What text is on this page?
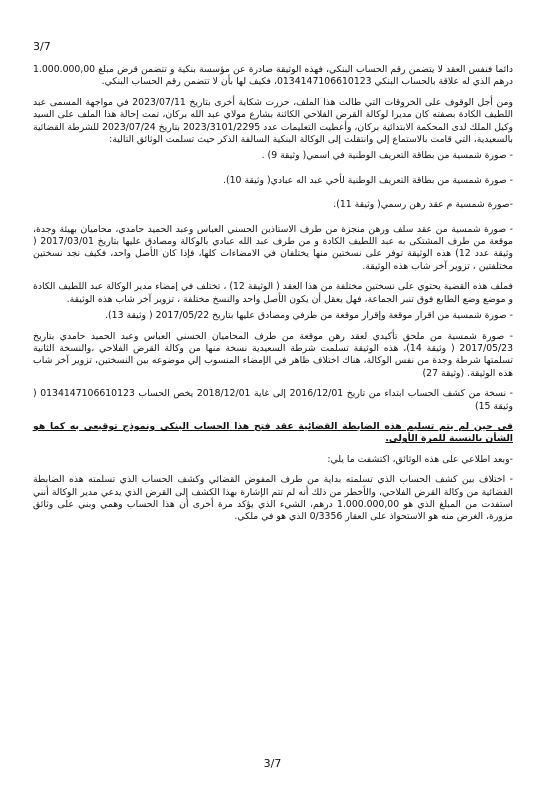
3/7

دائما فنفس العقد لا يتضمن رقم الحساب البنكي، فهذه الوثيقة صادرة عن مؤسسة بنكية و تتضمن قرض مبلغ 1.000.000,00 درهم الذي له علاقة بالحساب البنكي 013414710661012‪3‬، فكيف لها بأن لا تتضمن رقم الحساب البنكي.

ومن أجل الوقوف على الخروقات التي طالت هذا الملف، حررت شكاية أخرى بتاريخ 2023/07/11 في مواجهة المسمى عبد اللطيف الكادة بصفته كان مديرا لوكالة القرض الفلاحي الكائنة بشارع مولاي عبد الله بركان، تمت إحالة هذا الملف على السيد وكيل الملك لدى المحكمة الابتدائية بركان، وأعطيت التعليمات عدد 2023/3101/2295 بتاريخ 2023/07/24 للشرطة القضائية بالسعيدية، التي قامت بالاستماع إلي وانتقلت إلى الوكالة البنكية السالفة الذكر حيث تسلمت الوثائق التالية:

- صورة شمسية من بطاقة التعريف الوطنية في اسمي( وثيقة 9) .

- صورة شمسية من بطاقة التعريف الوطنية لأخي عبد اله عبادي( وثيقة 10).

-صورة شمسية م عقد رهن رسمي( وثيقة 11).

- صورة شمسية من عقد سلف ورهن منجزة من طرف الاستاذين الحسني العباس وعبد الحميد حامدي، محاميان بهيئة وجدة، موقعة من طرف المشتكى به عبد اللطيف الكادة و من طرف عبد الله عبادي بالوكالة ومصادق عليها بتاريخ 2017/03/01 ( وثيقة عدد 12) هذه الوثيقة توفر على نسختين منها يختلفان في الامضاءات كلها، فإذا كان الأصل واحد، فكيف نجد نسختين مختلفتين ، تزوير آخر شاب هذه الوثيقة.

فملف هذه القضية يحتوي على نسختين مختلفة من هذا العقد ( الوثيقة 12) ، تختلف في إمضاء مدير الوكالة عبد اللطيف الكادة و موضع وضع الطابع فوق تنبر الجماعة، فهل يعقل أن يكون الأصل واحد والنسخ مختلفة ، تزوير آخر شاب هذه الوثيقة.

- صورة شمسية من اقرار موقعة وإقرار موقعة من طرفي ومصادق عليها بتاريخ 2017/05/22 ( وثيقة 13).

- صورة شمسية من ملحق تأكيدي لعقد رهن موقعة من طرف المحاميان الحسني العباس وعبد الحميد حامدي بتاريخ 2017/05/23 ( وثيقة 14)، هذه الوثيقة تسلمت شرطة السعيدية نسخة منها من وكالة القرض الفلاحي ،والنسخة الثانية تسلمتها شرطة وجدة من نفس الوكالة، هناك اختلاف ظاهر في الإمضاء المنسوب إلي موضوعه بين النسختين، تزوير آخر شاب هذه الوثيقة. (وثيقة 27)

- نسخة من كشف الحساب ابتداء من تاريخ 2016/12/01 إلى غاية 2018/12/01 يخص الحساب 0134147106610123 ( وثيقة 15)

في حين لم يتم تسليم هذه الضابطة القضائية عقد فتح هذا الحساب البنكي ونموذج توقيعي به كما هو الشأن بالنسبة للمرة الأولى.

-وبعد اطلاعي على هذه الوثائق، اكتشفت ما يلي:

- اختلاف بين كشف الحساب الذي تسلمته بداية من طرف المفوض القضائي وكشف الحساب الذي تسلمته هذه الضابطة القضائية من وكالة القرض الفلاحي، والأخطر من ذلك أنه لم تتم الإشارة بهذا الكشف إلى القرض الذي يدعي مدير الوكالة أنني استفدت من المبلغ الذي هو 1.000.000,00 درهم، الشيء الذي يؤكد مرة أخرى أن هذا الحساب وهمي وبني على وثائق مزورة، الغرض منه هو الاستحواذ على العقار 0/3356 الذي هو في ملكي.

3/7
